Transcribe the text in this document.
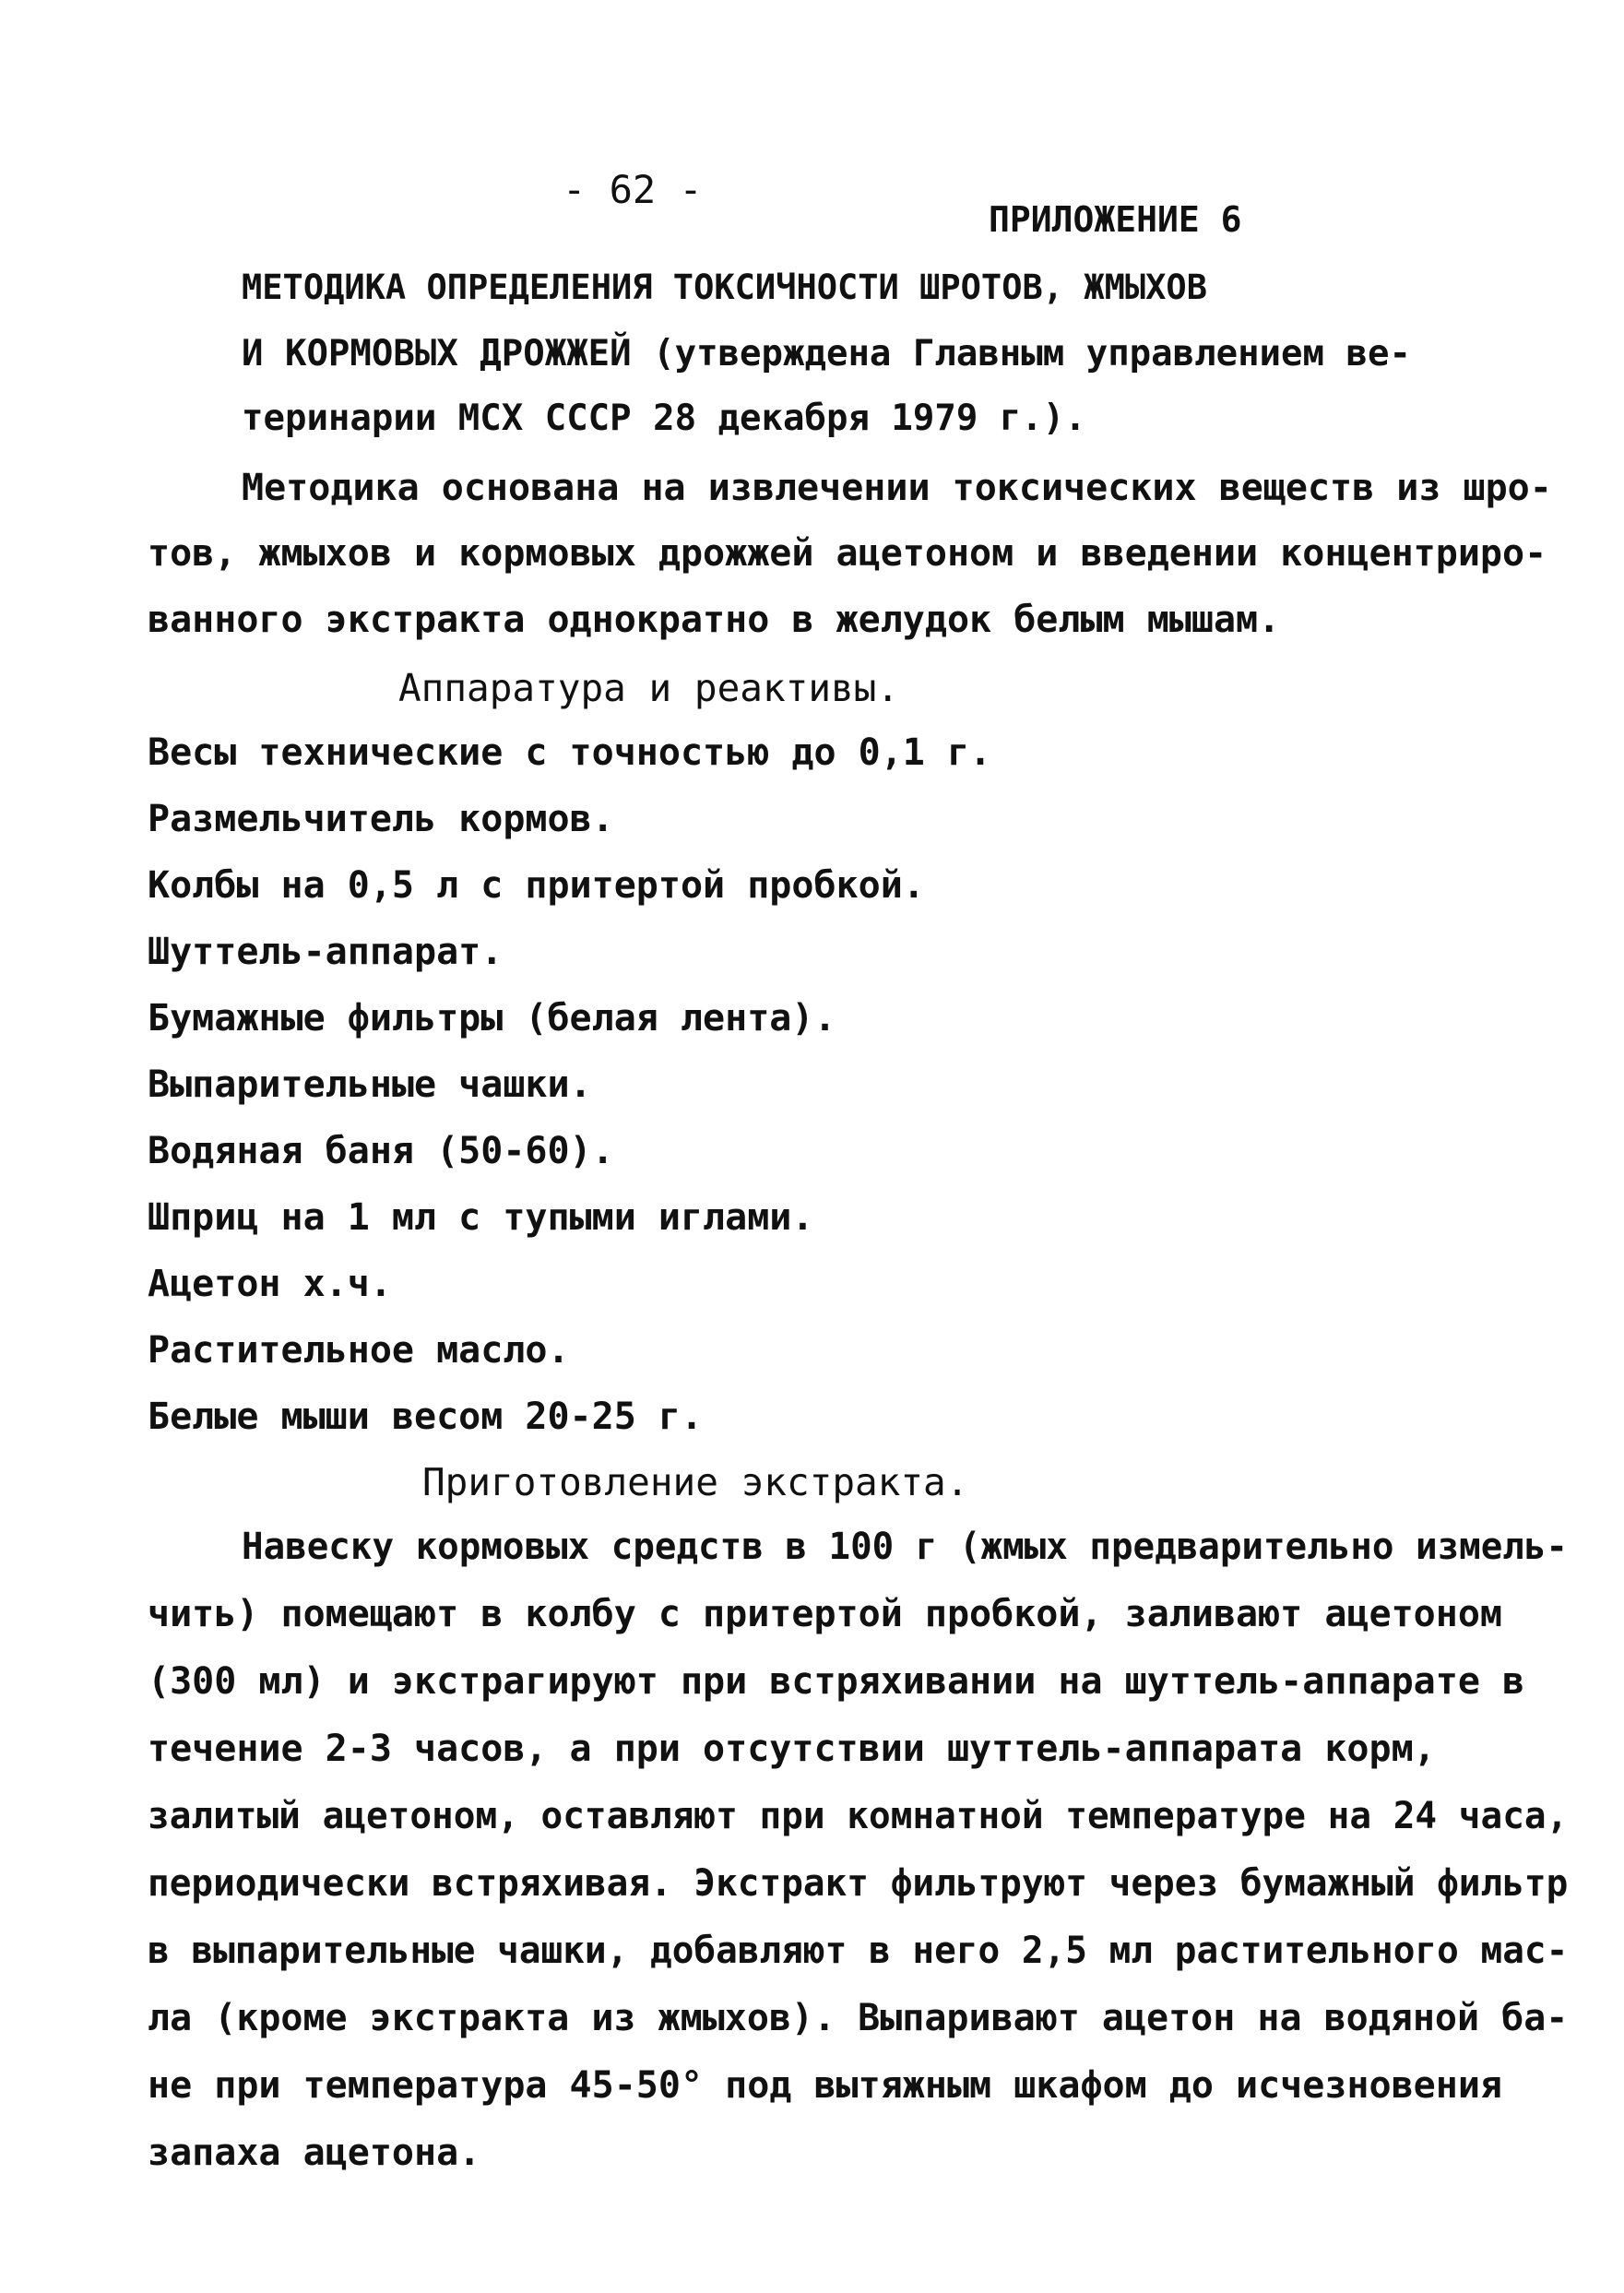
- 62 -
ПРИЛОЖЕНИЕ 6
МЕТОДИКА ОПРЕДЕЛЕНИЯ ТОКСИЧНОСТИ ШРОТОВ, ЖМЫХОВ
И КОРМОВЫХ ДРОЖЖЕЙ (утверждена Главным управлением ве-
теринарии МСХ СССР 28 декабря 1979 г.).
Методика основана на извлечении токсических веществ из шро-
тов, жмыхов и кормовых дрожжей ацетоном и введении концентриро-
ванного экстракта однократно в желудок белым мышам.
Аппаратура и реактивы.
Весы технические с точностью до 0,1 г.
Размельчитель кормов.
Колбы на 0,5 л с притертой пробкой.
Шуттель-аппарат.
Бумажные фильтры (белая лента).
Выпарительные чашки.
Водяная баня (50-60).
Шприц на 1 мл с тупыми иглами.
Ацетон х.ч.
Растительное масло.
Белые мыши весом 20-25 г.
Приготовление экстракта.
Навеску кормовых средств в 100 г (жмых предварительно измель-
чить) помещают в колбу с притертой пробкой, заливают ацетоном
(300 мл) и экстрагируют при встряхивании на шуттель-аппарате в
течение 2-3 часов, а при отсутствии шуттель-аппарата корм,
залитый ацетоном, оставляют при комнатной температуре на 24 часа,
периодически встряхивая. Экстракт фильтруют через бумажный фильтр
в выпарительные чашки, добавляют в него 2,5 мл растительного мас-
ла (кроме экстракта из жмыхов). Выпаривают ацетон на водяной ба-
не при температура 45-50° под вытяжным шкафом до исчезновения
запаха ацетона.
